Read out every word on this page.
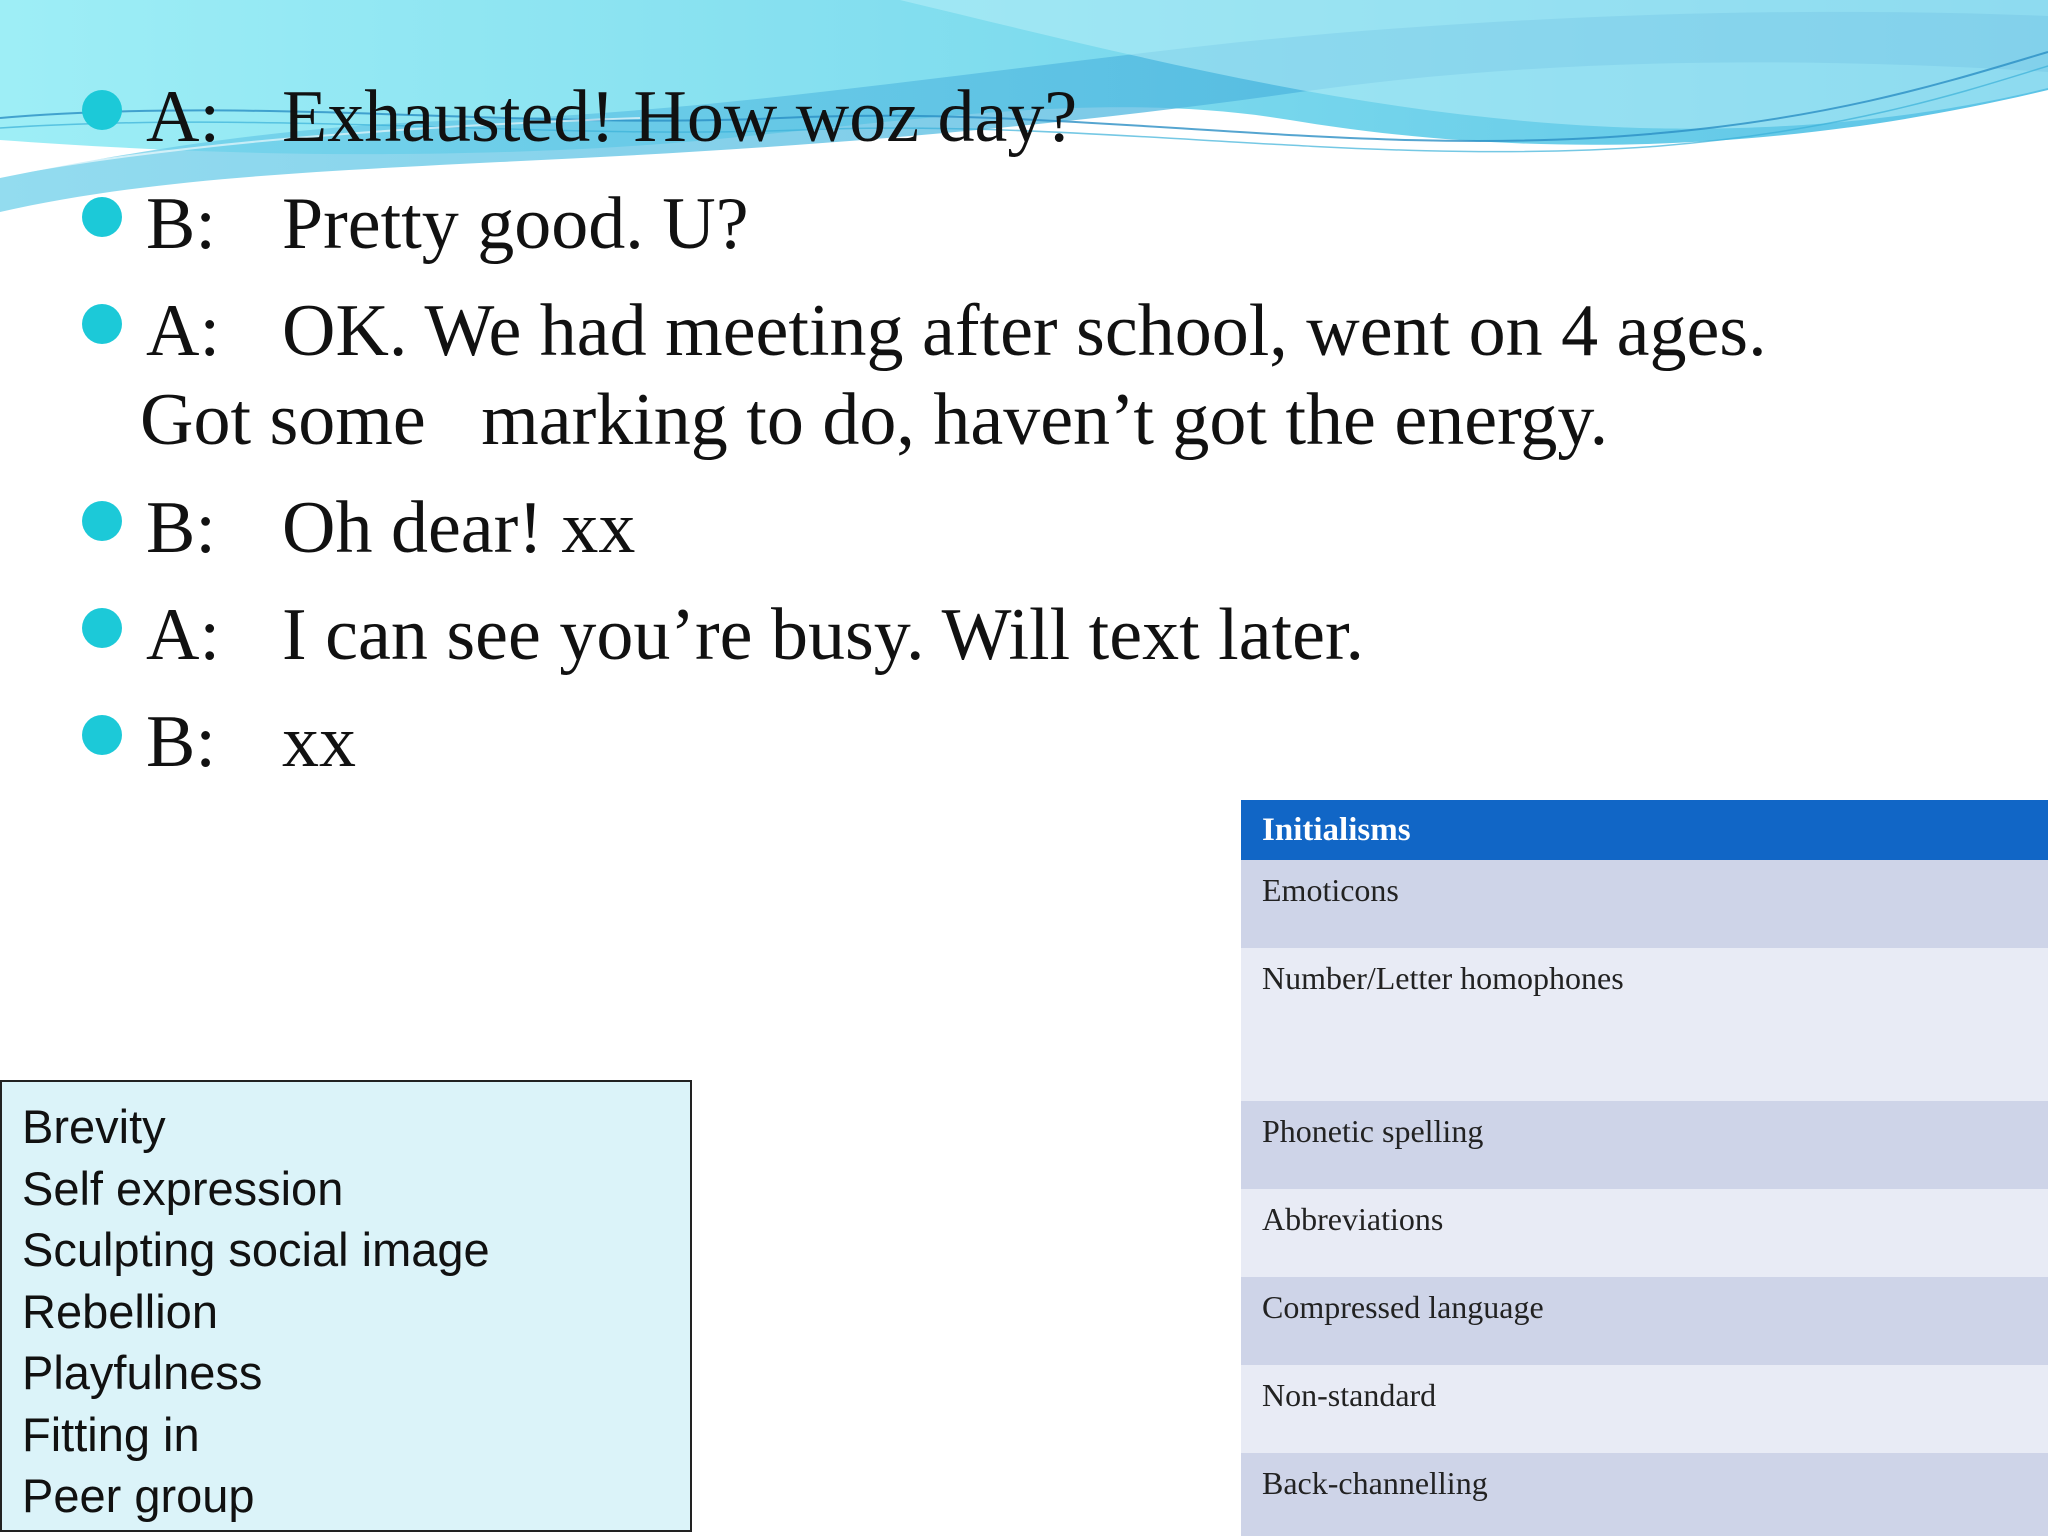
A: Exhausted! How woz day?
B: Pretty good. U?
A: OK. We had meeting after school, went on 4 ages.
Got some   marking to do, haven’t got the energy.
B: Oh dear! xx
A: I can see you’re busy. Will text later.
B: xx
Brevity
Self expression
Sculpting social image
Rebellion
Playfulness
Fitting in
Peer group
Initialisms
Emoticons
Number/Letter homophones
Phonetic spelling
Abbreviations
Compressed language
Non-standard
Back-channelling
